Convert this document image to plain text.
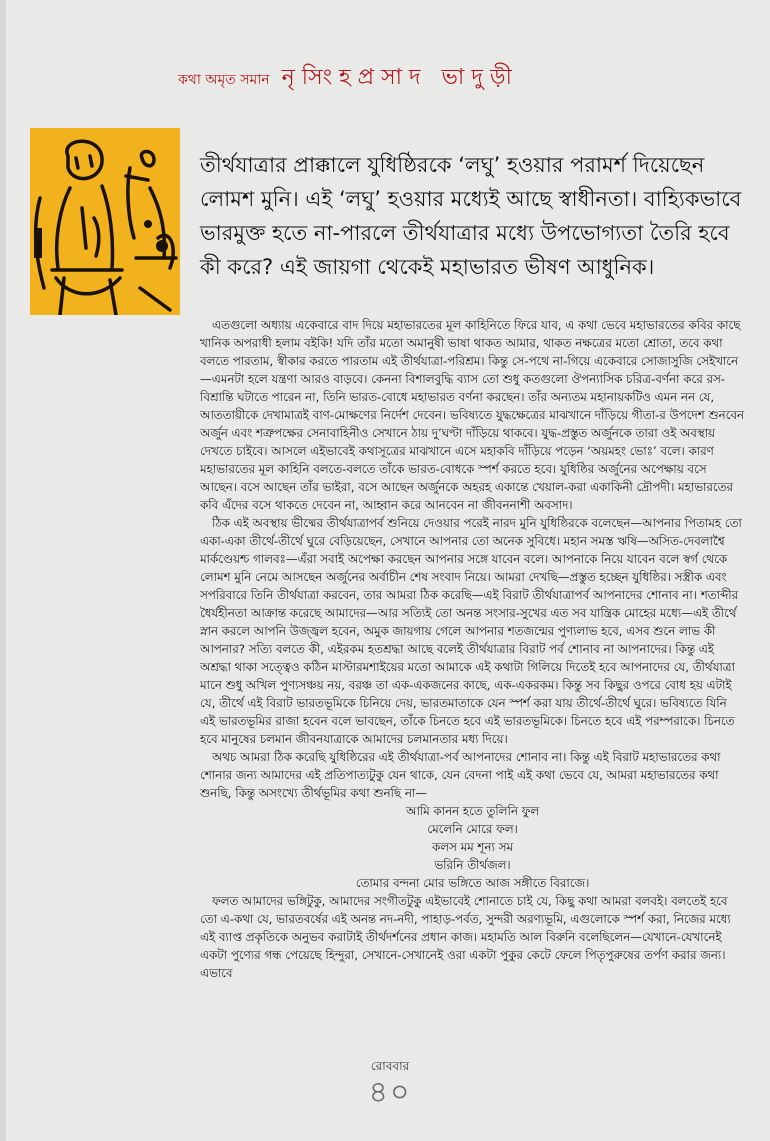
কথা অমৃত সমান নৃসিংহপ্রসাদ ভাদুড়ী

তীর্থযাত্রার প্রাক্কালে যুধিষ্ঠিরকে ‘লঘু’ হওয়ার পরামর্শ দিয়েছেন লোমশ মুনি। এই ‘লঘু’ হওয়ার মধ্যেই আছে স্বাধীনতা। বাহ্যিকভাবে ভারমুক্ত হতে না-পারলে তীর্থযাত্রার মধ্যে উপভোগ্যতা তৈরি হবে কী করে? এই জায়গা থেকেই মহাভারত ভীষণ আধুনিক।

এতগুলো অধ্যায় একেবারে বাদ দিয়ে মহাভারতের মূল কাহিনিতে ফিরে যাব, এ কথা ভেবে মহাভারতের কবির কাছে খানিক অপরাধী হলাম বইকি! যদি তাঁর মতো অমানুষী ভাষা থাকত আমার, থাকত নক্ষত্রের মতো শ্রোতা, তবে কথা বলতে পারতাম, স্বীকার করতে পারতাম এই তীর্থযাত্রা-পরিশ্রম। কিন্তু সে-পথে না-গিয়ে একেবারে সোজাসুজি সেইখানে—এমনটা হলে যন্ত্রণা আরও বাড়বে। কেননা বিশালবুদ্ধি ব্যাস তো শুধু কতগুলো ঔপন্যাসিক চরিত্র-বর্ণনা করে রস-বিশ্রান্তি ঘটাতে পারেন না, তিনি ভারত-বোধে মহাভারত বর্ণনা করছেন। তাঁর অন্যতম মহানায়কটিও এমন নন যে, আততায়ীকে দেখামাত্রই বাণ-মোক্ষণের নির্দেশ দেবেন। ভবিষ্যতে যুদ্ধক্ষেত্রের মাঝখানে দাঁড়িয়ে গীতা-র উপদেশ শুনবেন অর্জুন এবং শত্রুপক্ষের সেনাবাহিনীও সেখানে ঠায় দু’ঘণ্টা দাঁড়িয়ে থাকবে। যুদ্ধ-প্রস্তুত অর্জুনকে তারা ওই অবস্থায় দেখতে চাইবে। আসলে এইভাবেই কথাসূত্রের মাঝখানে এসে মহাকবি দাঁড়িয়ে পড়েন ‘অয়মহং ভোঃ’ বলে। কারণ মহাভারতের মূল কাহিনি বলতে-বলতে তাঁকে ভারত-বোধকে স্পর্শ করতে হবে। যুধিষ্ঠির অর্জুনের অপেক্ষায় বসে আছেন। বসে আছেন তাঁর ভাইরা, বসে আছেন অর্জুনকে অহরহ একান্তে খেয়াল-করা একাকিনী দ্রৌপদী। মহাভারতের কবি এঁদের বসে থাকতে দেবেন না, আহ্বান করে আনবেন না জীবননাশী অবসাদ।

ঠিক এই অবস্থায় ভীষ্মের তীর্থযাত্রাপর্ব শুনিয়ে দেওয়ার পরেই নারদ মুনি যুধিষ্ঠিরকে বলেছেন—আপনার পিতামহ তো একা-একা তীর্থে-তীর্থে ঘুরে বেড়িয়েছেন, সেখানে আপনার তো অনেক সুবিধে। মহান সমস্ত ঋষি—অসিত-দেবলাশ্বৈ মার্কণ্ডেয়শ্চ গালবঃ—এঁরা সবাই অপেক্ষা করছেন আপনার সঙ্গে যাবেন বলে। আপনাকে নিয়ে যাবেন বলে স্বর্গ থেকে লোমশ মুনি নেমে আসছেন অর্জুনের অর্বাচীন শেষ সংবাদ নিয়ে। আমরা দেখছি—প্রস্তুত হচ্ছেন যুধিষ্ঠির। সস্ত্রীক এবং সপরিবারে তিনি তীর্থযাত্রা করবেন, তার আমরা ঠিক করেছি—এই বিরাট তীর্থযাত্রাপর্ব আপনাদের শোনাব না। শতাব্দীর ধৈর্যহীনতা আক্রান্ত করেছে আমাদের—আর সত্যিই তো অনন্ত সংসার-সুখের এত সব যান্ত্রিক মোহের মধ্যে—এই তীর্থে স্নান করলে আপনি উজ্জ্বল হবেন, অমুক জায়গায় গেলে আপনার শতজন্মের পুণ্যলাভ হবে, এসব শুনে লাভ কী আপনার? সত্যি বলতে কী, এইরকম হতশ্রদ্ধা আছে বলেই তীর্থযাত্রার বিরাট পর্ব শোনাব না আপনাদের। কিন্তু এই অশ্রদ্ধা থাকা সত্ত্বেও কঠিন মাস্টারমশাইয়ের মতো আমাকে এই কথাটা গিলিয়ে দিতেই হবে আপনাদের যে, তীর্থযাত্রা মানে শুধু অখিল পুণ্যসঞ্চয় নয়, বরঞ্চ তা এক-একজনের কাছে, এক-একরকম। কিন্তু সব কিছুর ওপরে বোধ হয় এটাই যে, তীর্থে এই বিরাট ভারতভূমিকে চিনিয়ে দেয়, ভারতমাতাকে যেন স্পর্শ করা যায় তীর্থে-তীর্থে ঘুরে। ভবিষ্যতে যিনি এই ভারতভূমির রাজা হবেন বলে ভাবছেন, তাঁকে চিনতে হবে এই ভারতভূমিকে। চিনতে হবে এই পরম্পরাকে। চিনতে হবে মানুষের চলমান জীবনযাত্রাকে আমাদের চলমানতার মধ্য দিয়ে।

অথচ আমরা ঠিক করেছি যুধিষ্ঠিরের এই তীর্থযাত্রা-পর্ব আপনাদের শোনাব না। কিন্তু এই বিরাট মহাভারতের কথা শোনার জন্য আমাদের এই প্রতিপাত্যটুকু যেন থাকে, যেন বেদনা পাই এই কথা ভেবে যে, আমরা মহাভারতের কথা শুনছি, কিন্তু অসংখ্যে তীর্থভূমির কথা শুনছি না—

আমি কানন হতে তুলিনি ফুল
মেলেনি মোরে ফল।
কলস মম শূন্য সম
ভরিনি তীর্থজল।
তোমার বন্দনা মোর ভঙ্গিতে আজ সঙ্গীতে বিরাজে।

ফলত আমাদের ভঙ্গিটুকু, আমাদের সংগীতটুকু এইভাবেই শোনাতে চাই যে, কিছু কথা আমরা বলবই। বলতেই হবে তো এ-কথা যে, ভারতবর্ষের এই অনন্ত নদ-নদী, পাহাড়-পর্বত, সুন্দরী অরণ্যভূমি, এগুলোকে স্পর্শ করা, নিজের মধ্যে এই ব্যাপ্ত প্রকৃতিকে অনুভব করাটাই তীর্থদর্শনের প্রধান কাজ। মহামতি আল বিরুনি বলেছিলেন—যেখানে-যেখানেই একটা পুণ্যের গন্ধ পেয়েছে হিন্দুরা, সেখানে-সেখানেই ওরা একটা পুকুর কেটে ফেলে পিতৃপুরুষের তর্পণ করার জন্য। এভাবে

রোববার
৪০
